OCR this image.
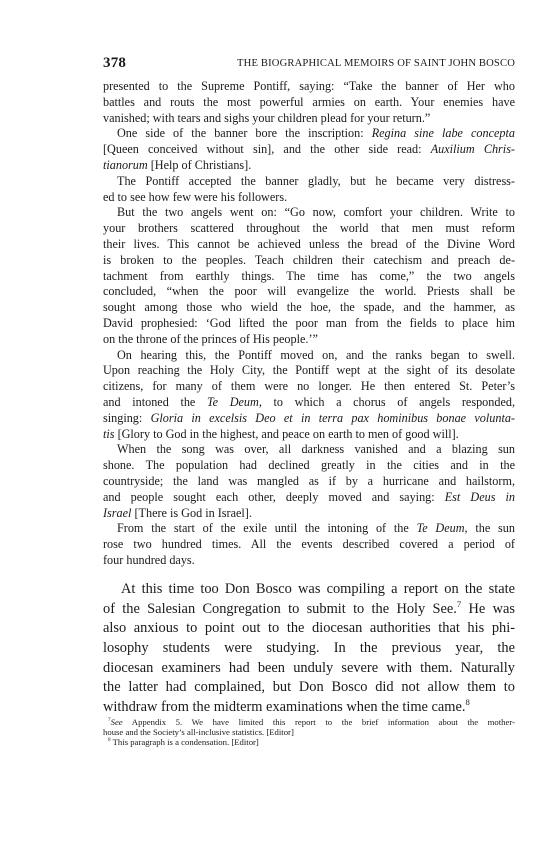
378	THE BIOGRAPHICAL MEMOIRS OF SAINT JOHN BOSCO
presented to the Supreme Pontiff, saying: “Take the banner of Her who
battles and routs the most powerful armies on earth. Your enemies have
vanished; with tears and sighs your children plead for your return.”
One side of the banner bore the inscription: Regina sine labe concepta
[Queen conceived without sin], and the other side read: Auxilium Chris-
tianorum [Help of Christians].
The Pontiff accepted the banner gladly, but he became very distress-
ed to see how few were his followers.
But the two angels went on: “Go now, comfort your children. Write to
your brothers scattered throughout the world that men must reform
their lives. This cannot be achieved unless the bread of the Divine Word
is broken to the peoples. Teach children their catechism and preach de-
tachment from earthly things. The time has come,” the two angels
concluded, “when the poor will evangelize the world. Priests shall be
sought among those who wield the hoe, the spade, and the hammer, as
David prophesied: ‘God lifted the poor man from the fields to place him
on the throne of the princes of His people.’”
On hearing this, the Pontiff moved on, and the ranks began to swell.
Upon reaching the Holy City, the Pontiff wept at the sight of its desolate
citizens, for many of them were no longer. He then entered St. Peter’s
and intoned the Te Deum, to which a chorus of angels responded,
singing: Gloria in excelsis Deo et in terra pax hominibus bonae volunta-
tis [Glory to God in the highest, and peace on earth to men of good will].
When the song was over, all darkness vanished and a blazing sun
shone. The population had declined greatly in the cities and in the
countryside; the land was mangled as if by a hurricane and hailstorm,
and people sought each other, deeply moved and saying: Est Deus in
Israel [There is God in Israel].
From the start of the exile until the intoning of the Te Deum, the sun
rose two hundred times. All the events described covered a period of
four hundred days.
At this time too Don Bosco was compiling a report on the state
of the Salesian Congregation to submit to the Holy See.$^7$ He was
also anxious to point out to the diocesan authorities that his phi-
losophy students were studying. In the previous year, the
diocesan examiners had been unduly severe with them. Naturally
the latter had complained, but Don Bosco did not allow them to
withdraw from the midterm examinations when the time came.$^8$
$^7$See Appendix 5. We have limited this report to the brief information about the mother-
house and the Society’s all-inclusive statistics. [Editor]
$^8$ This paragraph is a condensation. [Editor]
